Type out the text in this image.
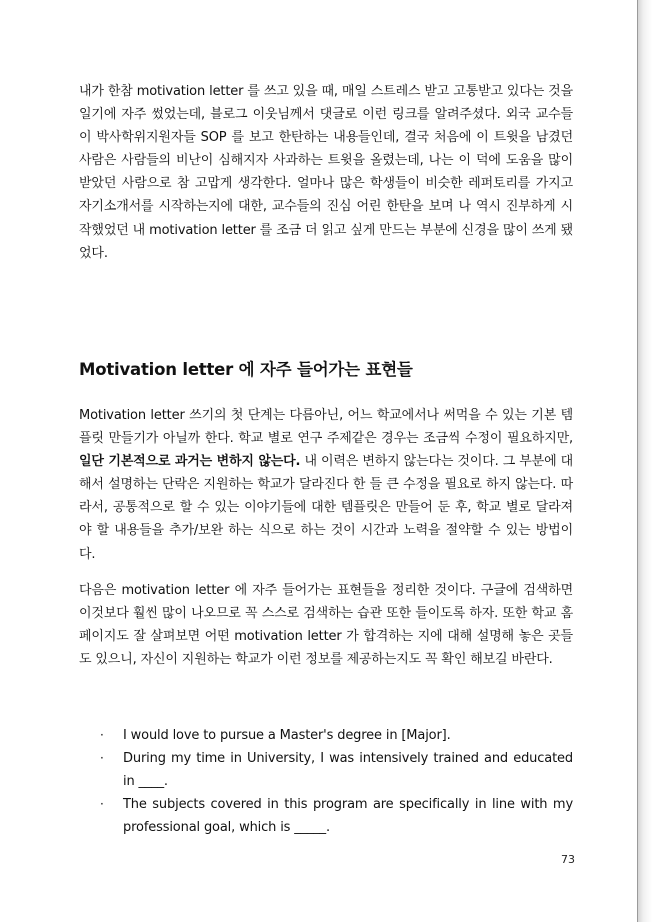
내가 한참 motivation letter 를 쓰고 있을 때, 매일 스트레스 받고 고통받고 있다는 것을 일기에 자주 썼었는데, 블로그 이웃님께서 댓글로 이런 링크를 알려주셨다. 외국 교수들이 박사학위지원자들 SOP 를 보고 한탄하는 내용들인데, 결국 처음에 이 트윗을 남겼던 사람은 사람들의 비난이 심해지자 사과하는 트윗을 올렸는데, 나는 이 덕에 도움을 많이 받았던 사람으로 참 고맙게 생각한다. 얼마나 많은 학생들이 비슷한 레퍼토리를 가지고 자기소개서를 시작하는지에 대한, 교수들의 진심 어린 한탄을 보며 나 역시 진부하게 시작했었던 내 motivation letter 를 조금 더 읽고 싶게 만드는 부분에 신경을 많이 쓰게 됐었다.

Motivation letter 에 자주 들어가는 표현들

Motivation letter 쓰기의 첫 단계는 다름아닌, 어느 학교에서나 써먹을 수 있는 기본 템플릿 만들기가 아닐까 한다. 학교 별로 연구 주제같은 경우는 조금씩 수정이 필요하지만, 일단 기본적으로 과거는 변하지 않는다. 내 이력은 변하지 않는다는 것이다. 그 부분에 대해서 설명하는 단락은 지원하는 학교가 달라진다 한 들 큰 수정을 필요로 하지 않는다. 따라서, 공통적으로 할 수 있는 이야기들에 대한 템플릿은 만들어 둔 후, 학교 별로 달라져야 할 내용들을 추가/보완 하는 식으로 하는 것이 시간과 노력을 절약할 수 있는 방법이다.

다음은 motivation letter 에 자주 들어가는 표현들을 정리한 것이다. 구글에 검색하면 이것보다 훨씬 많이 나오므로 꼭 스스로 검색하는 습관 또한 들이도록 하자. 또한 학교 홈페이지도 잘 살펴보면 어떤 motivation letter 가 합격하는 지에 대해 설명해 놓은 곳들도 있으니, 자신이 지원하는 학교가 이런 정보를 제공하는지도 꼭 확인 해보길 바란다.

· I would love to pursue a Master's degree in [Major].
· During my time in University, I was intensively trained and educated in ____.
· The subjects covered in this program are specifically in line with my professional goal, which is _____.
73
